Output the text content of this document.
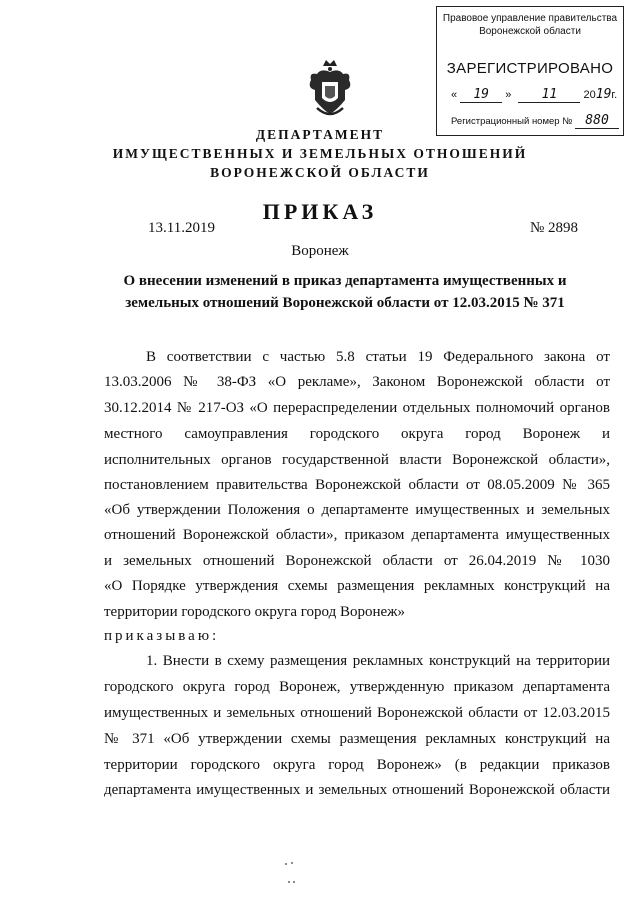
Правовое управление правительства
Воронежской области
ЗАРЕГИСТРИРОВАНО
« 19 » 11 2019г.
Регистрационный номер № 880
ДЕПАРТАМЕНТ
ИМУЩЕСТВЕННЫХ И ЗЕМЕЛЬНЫХ ОТНОШЕНИЙ
ВОРОНЕЖСКОЙ ОБЛАСТИ
ПРИКАЗ
13.11.2019	№ 2898
Воронеж
О внесении изменений в приказ департамента имущественных и
земельных отношений Воронежской области от 12.03.2015 № 371
В соответствии с частью 5.8 статьи 19 Федерального закона от
13.03.2006 № 38-ФЗ «О рекламе», Законом Воронежской области от
30.12.2014 № 217-ОЗ «О перераспределении отдельных полномочий органов
местного самоуправления городского округа город Воронеж и
исполнительных органов государственной власти Воронежской области»,
постановлением правительства Воронежской области от 08.05.2009 № 365
«Об утверждении Положения о департаменте имущественных и земельных
отношений Воронежской области», приказом департамента имущественных
и земельных отношений Воронежской области от 26.04.2019 № 1030
«О Порядке утверждения схемы размещения рекламных конструкций на
территории городского округа город Воронеж»
приказываю:
1. Внести в схему размещения рекламных конструкций на территории
городского округа город Воронеж, утвержденную приказом департамента
имущественных и земельных отношений Воронежской области от 12.03.2015
№ 371 «Об утверждении схемы размещения рекламных конструкций на
территории городского округа город Воронеж» (в редакции приказов
департамента имущественных и земельных отношений Воронежской области
